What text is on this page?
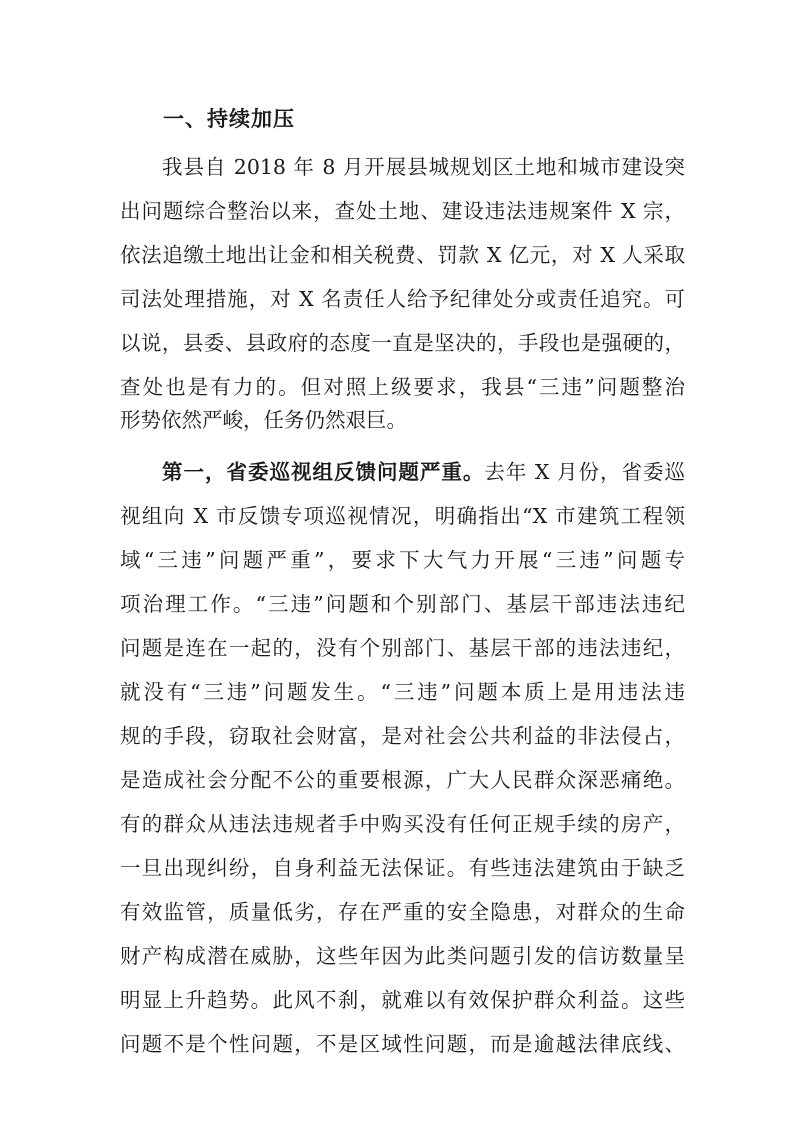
一、持续加压
我县自 2018 年 8 月开展县城规划区土地和城市建设突
出问题综合整治以来，查处土地、建设违法违规案件 X 宗，
依法追缴土地出让金和相关税费、罚款 X 亿元，对 X 人采取
司法处理措施，对 X 名责任人给予纪律处分或责任追究。可
以说，县委、县政府的态度一直是坚决的，手段也是强硬的，
查处也是有力的。但对照上级要求，我县“三违”问题整治
形势依然严峻，任务仍然艰巨。
第一，省委巡视组反馈问题严重。去年 X 月份，省委巡
视组向 X 市反馈专项巡视情况，明确指出“X 市建筑工程领
域“三违”问题严重”，要求下大气力开展“三违”问题专
项治理工作。“三违”问题和个别部门、基层干部违法违纪
问题是连在一起的，没有个别部门、基层干部的违法违纪，
就没有“三违”问题发生。“三违”问题本质上是用违法违
规的手段，窃取社会财富，是对社会公共利益的非法侵占，
是造成社会分配不公的重要根源，广大人民群众深恶痛绝。
有的群众从违法违规者手中购买没有任何正规手续的房产，
一旦出现纠纷，自身利益无法保证。有些违法建筑由于缺乏
有效监管，质量低劣，存在严重的安全隐患，对群众的生命
财产构成潜在威胁，这些年因为此类问题引发的信访数量呈
明显上升趋势。此风不刹，就难以有效保护群众利益。这些
问题不是个性问题，不是区域性问题，而是逾越法律底线、
